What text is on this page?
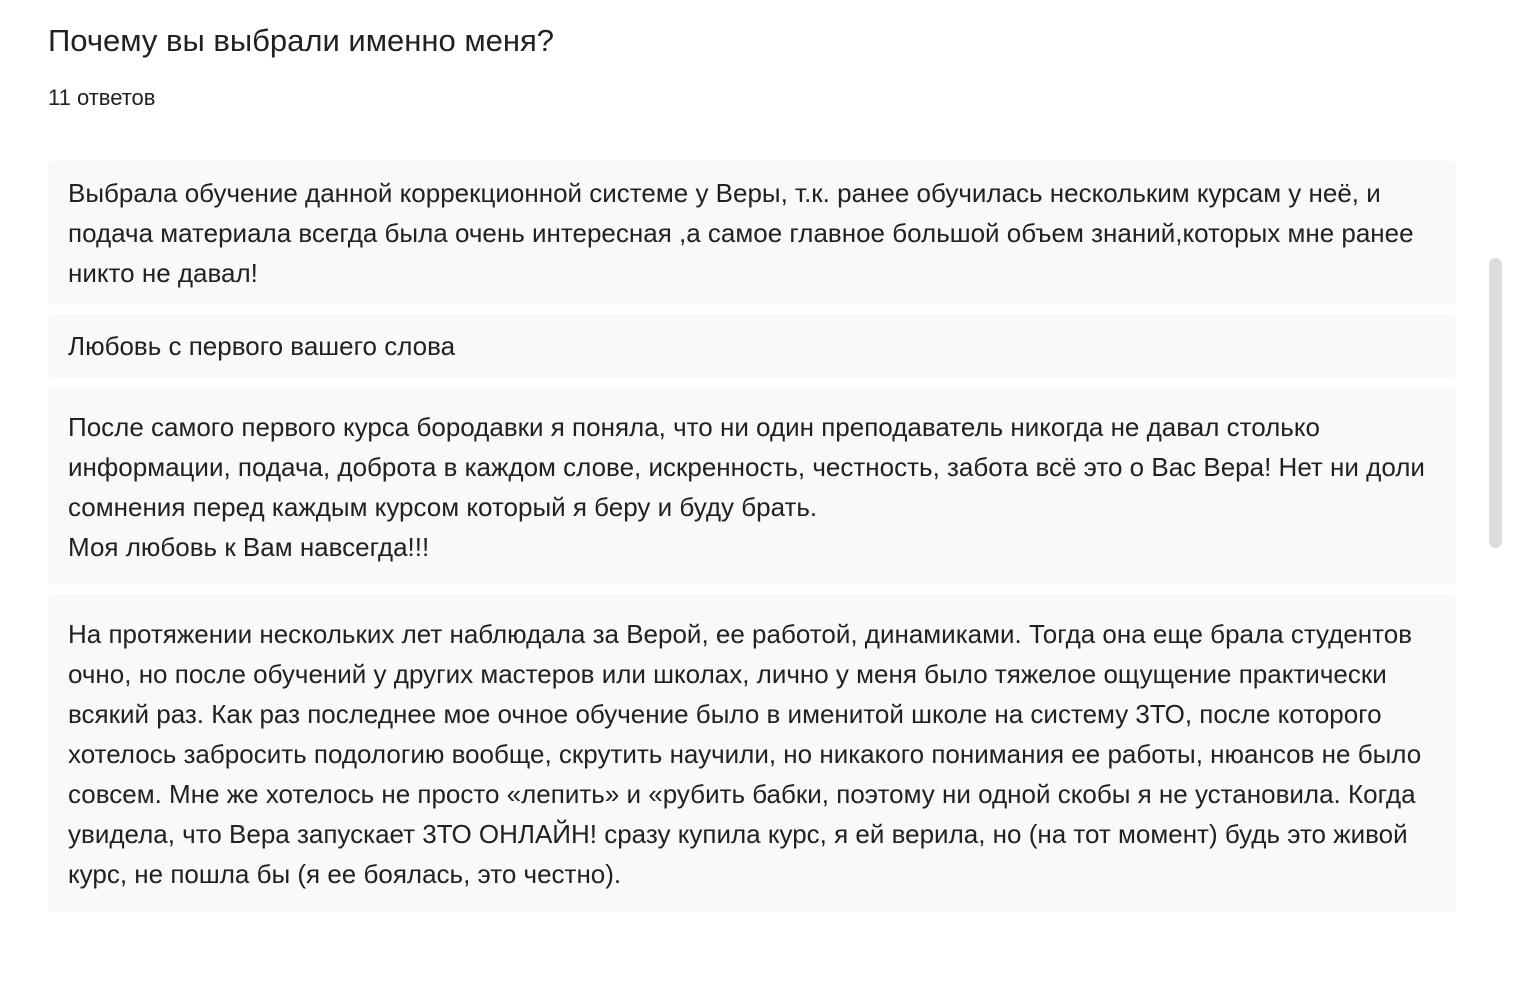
Почему вы выбрали именно меня?
11 ответов
Выбрала обучение данной коррекционной системе у Веры, т.к. ранее обучилась нескольким курсам у неё, и подача материала всегда была очень интересная ,а самое главное большой объем знаний,которых мне ранее никто не давал!
Любовь с первого вашего слова
После самого первого курса бородавки я поняла, что ни один преподаватель никогда не давал столько информации, подача, доброта в каждом слове, искренность, честность, забота всё это о Вас Вера! Нет ни доли сомнения перед каждым курсом который я беру и буду брать.
Моя любовь к Вам навсегда!!!
На протяжении нескольких лет наблюдала за Верой, ее работой, динамиками. Тогда она еще брала студентов очно, но после обучений у других мастеров или школах, лично у меня было тяжелое ощущение практически всякий раз. Как раз последнее мое очное обучение было в именитой школе на систему 3ТО, после которого хотелось забросить подологию вообще, скрутить научили, но никакого понимания ее работы, нюансов не было совсем. Мне же хотелось не просто «лепить» и «рубить бабки, поэтому ни одной скобы я не установила. Когда увидела, что Вера запускает 3ТО ОНЛАЙН! сразу купила курс, я ей верила, но (на тот момент) будь это живой курс, не пошла бы (я ее боялась, это честно).
